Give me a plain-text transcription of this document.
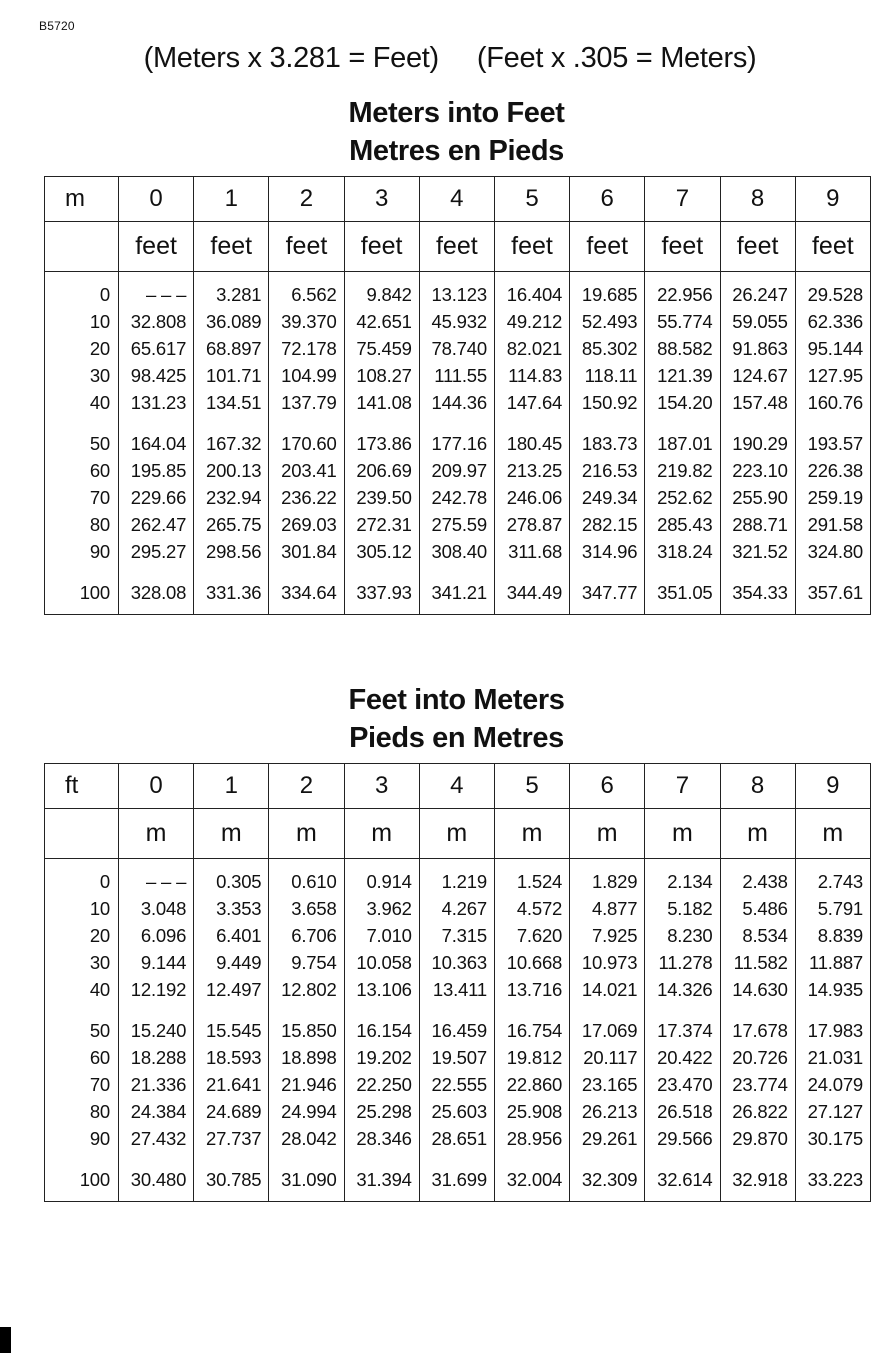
B5720
(Meters x 3.281 = Feet) (Feet x .305 = Meters)
Meters into Feet
Metres en Pieds
m	0	1	2	3	4	5	6	7	8	9
	feet	feet	feet	feet	feet	feet	feet	feet	feet	feet
0	– – –	3.281	6.562	9.842	13.123	16.404	19.685	22.956	26.247	29.528
10	32.808	36.089	39.370	42.651	45.932	49.212	52.493	55.774	59.055	62.336
20	65.617	68.897	72.178	75.459	78.740	82.021	85.302	88.582	91.863	95.144
30	98.425	101.71	104.99	108.27	111.55	114.83	118.11	121.39	124.67	127.95
40	131.23	134.51	137.79	141.08	144.36	147.64	150.92	154.20	157.48	160.76
50	164.04	167.32	170.60	173.86	177.16	180.45	183.73	187.01	190.29	193.57
60	195.85	200.13	203.41	206.69	209.97	213.25	216.53	219.82	223.10	226.38
70	229.66	232.94	236.22	239.50	242.78	246.06	249.34	252.62	255.90	259.19
80	262.47	265.75	269.03	272.31	275.59	278.87	282.15	285.43	288.71	291.58
90	295.27	298.56	301.84	305.12	308.40	311.68	314.96	318.24	321.52	324.80
100	328.08	331.36	334.64	337.93	341.21	344.49	347.77	351.05	354.33	357.61
Feet into Meters
Pieds en Metres
ft	0	1	2	3	4	5	6	7	8	9
	m	m	m	m	m	m	m	m	m	m
0	– – –	0.305	0.610	0.914	1.219	1.524	1.829	2.134	2.438	2.743
10	3.048	3.353	3.658	3.962	4.267	4.572	4.877	5.182	5.486	5.791
20	6.096	6.401	6.706	7.010	7.315	7.620	7.925	8.230	8.534	8.839
30	9.144	9.449	9.754	10.058	10.363	10.668	10.973	11.278	11.582	11.887
40	12.192	12.497	12.802	13.106	13.411	13.716	14.021	14.326	14.630	14.935
50	15.240	15.545	15.850	16.154	16.459	16.754	17.069	17.374	17.678	17.983
60	18.288	18.593	18.898	19.202	19.507	19.812	20.117	20.422	20.726	21.031
70	21.336	21.641	21.946	22.250	22.555	22.860	23.165	23.470	23.774	24.079
80	24.384	24.689	24.994	25.298	25.603	25.908	26.213	26.518	26.822	27.127
90	27.432	27.737	28.042	28.346	28.651	28.956	29.261	29.566	29.870	30.175
100	30.480	30.785	31.090	31.394	31.699	32.004	32.309	32.614	32.918	33.223
